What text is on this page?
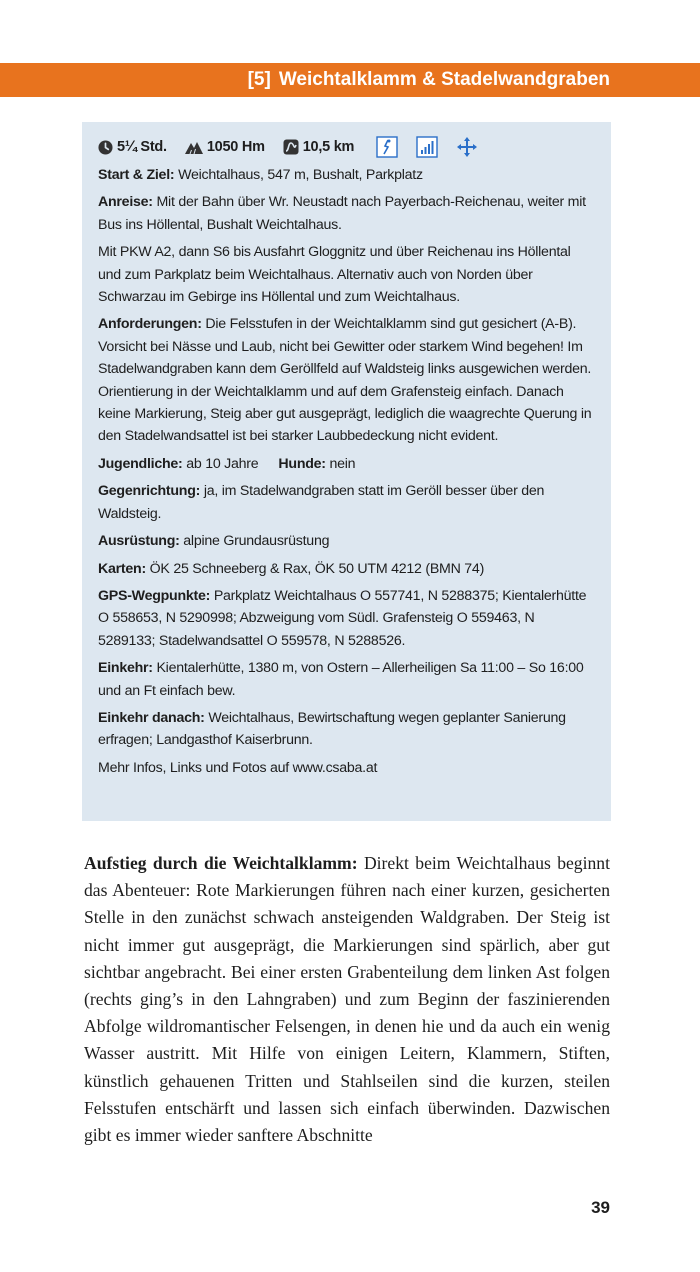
[5] Weichtalklamm & Stadelwandgraben
5¼ Std.	1050 Hm	10,5 km

Start & Ziel: Weichtalhaus, 547 m, Bushalt, Parkplatz

Anreise: Mit der Bahn über Wr. Neustadt nach Payerbach-Reichenau, weiter mit Bus ins Höllental, Bushalt Weichtalhaus.

Mit PKW A2, dann S6 bis Ausfahrt Gloggnitz und über Reichenau ins Höllental und zum Parkplatz beim Weichtalhaus. Alternativ auch von Norden über Schwarzau im Gebirge ins Höllental und zum Weichtalhaus.

Anforderungen: Die Felsstufen in der Weichtalklamm sind gut gesichert (A-B). Vorsicht bei Nässe und Laub, nicht bei Gewitter oder starkem Wind begehen! Im Stadelwandgraben kann dem Geröllfeld auf Waldsteig links ausgewichen werden. Orientierung in der Weichtalklamm und auf dem Grafensteig einfach. Danach keine Markierung, Steig aber gut ausgeprägt, lediglich die waagrechte Querung in den Stadelwandsattel ist bei starker Laubbedeckung nicht evident.

Jugendliche: ab 10 Jahre Hunde: nein

Gegenrichtung: ja, im Stadelwandgraben statt im Geröll besser über den Waldsteig.

Ausrüstung: alpine Grundausrüstung

Karten: ÖK 25 Schneeberg & Rax, ÖK 50 UTM 4212 (BMN 74)

GPS-Wegpunkte: Parkplatz Weichtalhaus O 557741, N 5288375; Kientalerhütte O 558653, N 5290998; Abzweigung vom Südl. Grafensteig O 559463, N 5289133; Stadelwandsattel O 559578, N 5288526.

Einkehr: Kientalerhütte, 1380 m, von Ostern – Allerheiligen Sa 11:00 – So 16:00 und an Ft einfach bew.

Einkehr danach: Weichtalhaus, Bewirtschaftung wegen geplanter Sanierung erfragen; Landgasthof Kaiserbrunn.

Mehr Infos, Links und Fotos auf www.csaba.at

Aufstieg durch die Weichtalklamm: Direkt beim Weichtalhaus beginnt das Abenteuer: Rote Markierungen führen nach einer kurzen, gesicherten Stelle in den zunächst schwach ansteigenden Waldgraben. Der Steig ist nicht immer gut ausgeprägt, die Markierungen sind spärlich, aber gut sichtbar angebracht. Bei einer ersten Grabenteilung dem linken Ast folgen (rechts ging’s in den Lahngraben) und zum Beginn der faszinierenden Abfolge wildromantischer Felsengen, in denen hie und da auch ein wenig Wasser austritt. Mit Hilfe von einigen Leitern, Klammern, Stiften, künstlich gehauenen Tritten und Stahlseilen sind die kurzen, steilen Felsstufen entschärft und lassen sich einfach überwinden. Dazwischen gibt es immer wieder sanftere Abschnitte
39
